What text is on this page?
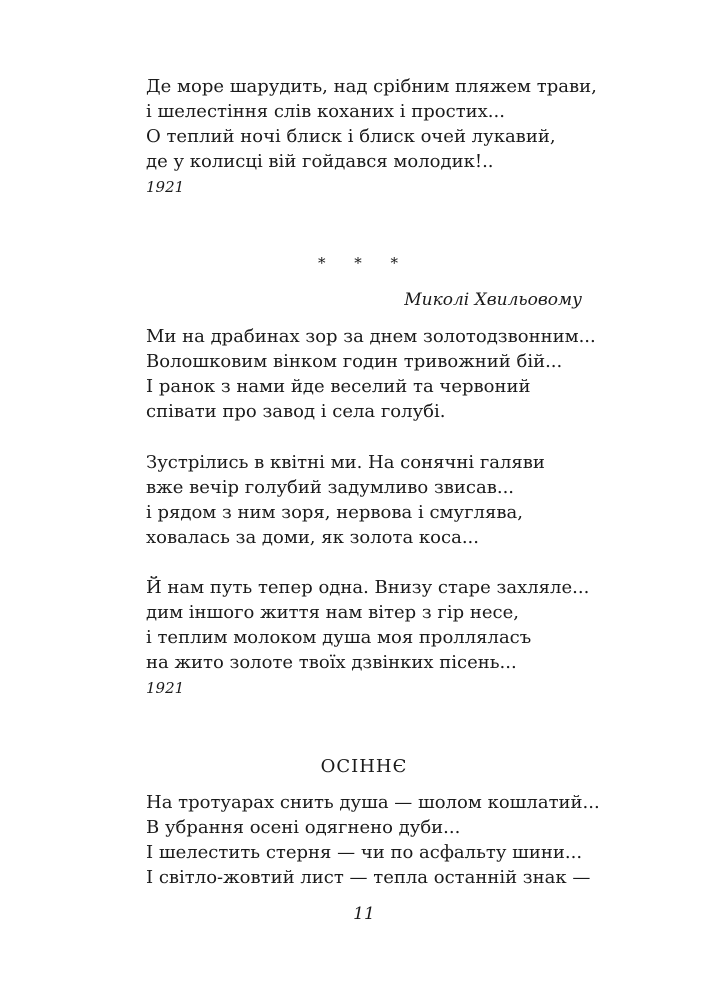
Де море шарудить, над срібним пляжем трави,
і шелестіння слів коханих і простих...
О теплий ночі блиск і блиск очей лукавий,
де у колисці вій гойдався молодик!..
1921
* * *
Миколі Хвильовому
Ми на драбинах зор за днем золотодзвонним...
Волошковим вінком годин тривожний бій...
І ранок з нами йде веселий та червоний
співати про завод і села голубі.
Зустрілись в квітні ми. На сонячні галяви
вже вечір голубий задумливо звисав...
і рядом з ним зоря, нервова і смуглява,
ховалась за доми, як золота коса...
Й нам путь тепер одна. Внизу старе захляле...
дим іншого життя нам вітер з гір несе,
і теплим молоком душа моя пролляласъ
на жито золоте твоїх дзвінких пісень...
1921
ОСІННЄ
На тротуарах снить душа — шолом кошлатий...
В убрання осені одягнено дуби...
І шелестить стерня — чи по асфальту шини...
І світло-жовтий лист — тепла останній знак —
11
